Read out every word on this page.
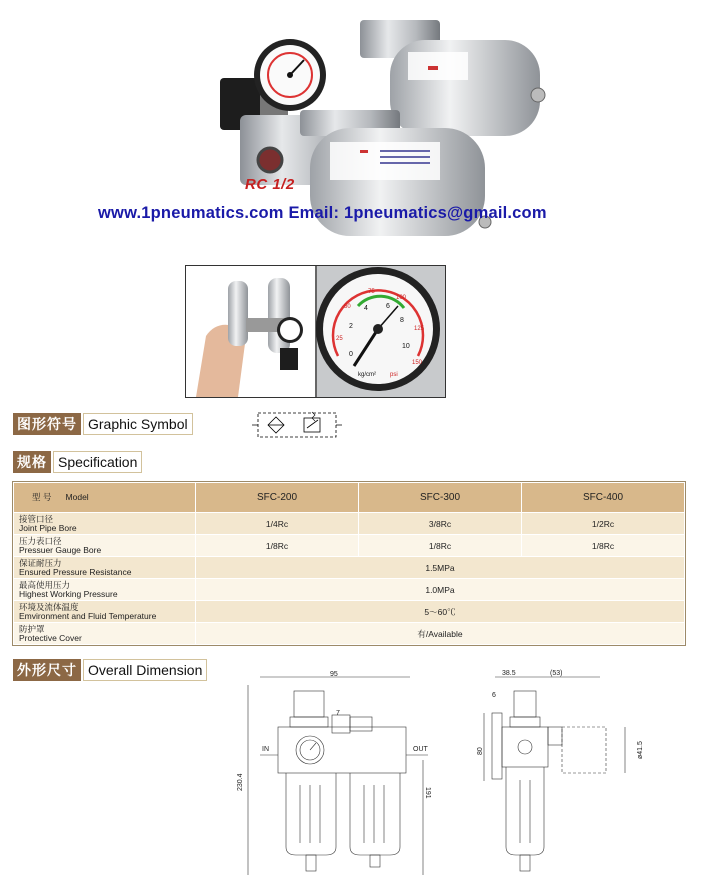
RC 1/2
www.1pneumatics.com Email: 1pneumatics@gmail.com
0
2
4	6
8
10
25
50
75
100
125
150
kg/cm² psi
图形符号 Graphic Symbol
规格 Specification
型 号 Model	SFC-200	SFC-300	SFC-400

接管口径
Joint Pipe Bore	1/4Rc	3/8Rc	1/2Rc

压力表口径
Pressuer Gauge Bore	1/8Rc	1/8Rc	1/8Rc

保证耐压力
Ensured Pressure Resistance	1.5MPa		

最高使用压力
Highest Working Pressure	1.0MPa		

环境及流体温度
Emvironment and Fluid Temperature	5～60℃		

防护罩
Protective Cover	有/Available		
外形尺寸 Overall Dimension	95
230.4
191
IN	OUT
7
38.5	(53)
6
80	ø41.5
